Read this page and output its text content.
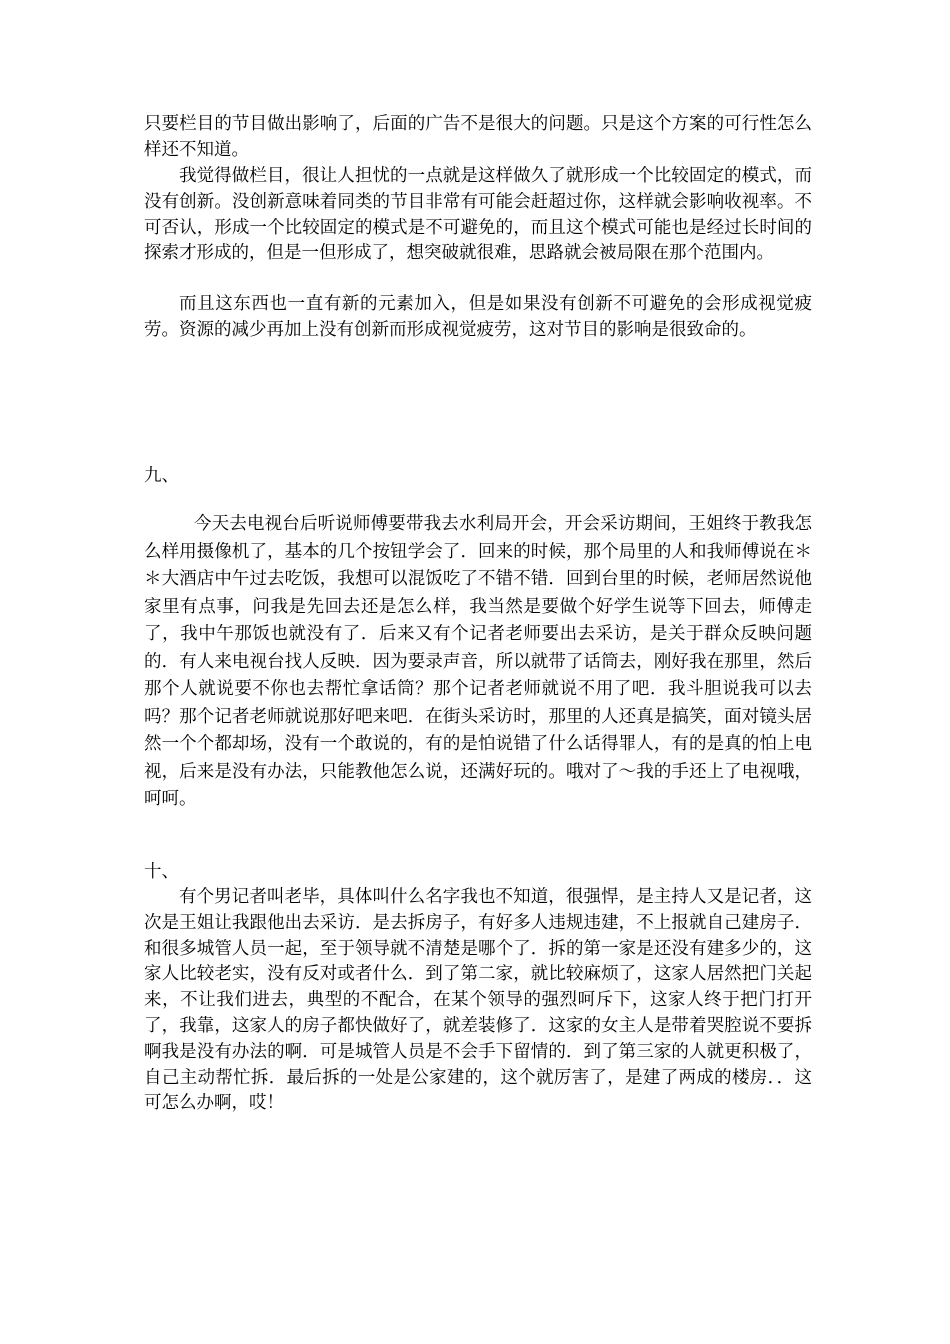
只要栏目的节目做出影响了，后面的广告不是很大的问题。只是这个方案的可行性怎么样还不知道。

我觉得做栏目，很让人担忧的一点就是这样做久了就形成一个比较固定的模式，而没有创新。没创新意味着同类的节目非常有可能会赶超过你，这样就会影响收视率。不可否认，形成一个比较固定的模式是不可避免的，而且这个模式可能也是经过长时间的探索才形成的，但是一但形成了，想突破就很难，思路就会被局限在那个范围内。

而且这东西也一直有新的元素加入，但是如果没有创新不可避免的会形成视觉疲劳。资源的减少再加上没有创新而形成视觉疲劳，这对节目的影响是很致命的。

九、

今天去电视台后听说师傅要带我去水利局开会，开会采访期间，王姐终于教我怎么样用摄像机了，基本的几个按钮学会了．回来的时候，那个局里的人和我师傅说在＊＊大酒店中午过去吃饭，我想可以混饭吃了不错不错．回到台里的时候，老师居然说他家里有点事，问我是先回去还是怎么样，我当然是要做个好学生说等下回去，师傅走了，我中午那饭也就没有了．后来又有个记者老师要出去采访，是关于群众反映问题的．有人来电视台找人反映．因为要录声音，所以就带了话筒去，刚好我在那里，然后那个人就说要不你也去帮忙拿话筒？那个记者老师就说不用了吧．我斗胆说我可以去吗？那个记者老师就说那好吧来吧．在街头采访时，那里的人还真是搞笑，面对镜头居然一个个都却场，没有一个敢说的，有的是怕说错了什么话得罪人，有的是真的怕上电视，后来是没有办法，只能教他怎么说，还满好玩的。哦对了～我的手还上了电视哦，呵呵。

十、

有个男记者叫老毕，具体叫什么名字我也不知道，很强悍，是主持人又是记者，这次是王姐让我跟他出去采访．是去拆房子，有好多人违规违建，不上报就自己建房子．和很多城管人员一起，至于领导就不清楚是哪个了．拆的第一家是还没有建多少的，这家人比较老实，没有反对或者什么．到了第二家，就比较麻烦了，这家人居然把门关起来，不让我们进去，典型的不配合，在某个领导的强烈呵斥下，这家人终于把门打开了，我靠，这家人的房子都快做好了，就差装修了．这家的女主人是带着哭腔说不要拆啊我是没有办法的啊．可是城管人员是不会手下留情的．到了第三家的人就更积极了，自己主动帮忙拆．最后拆的一处是公家建的，这个就厉害了，是建了两成的楼房．．这可怎么办啊，哎！
